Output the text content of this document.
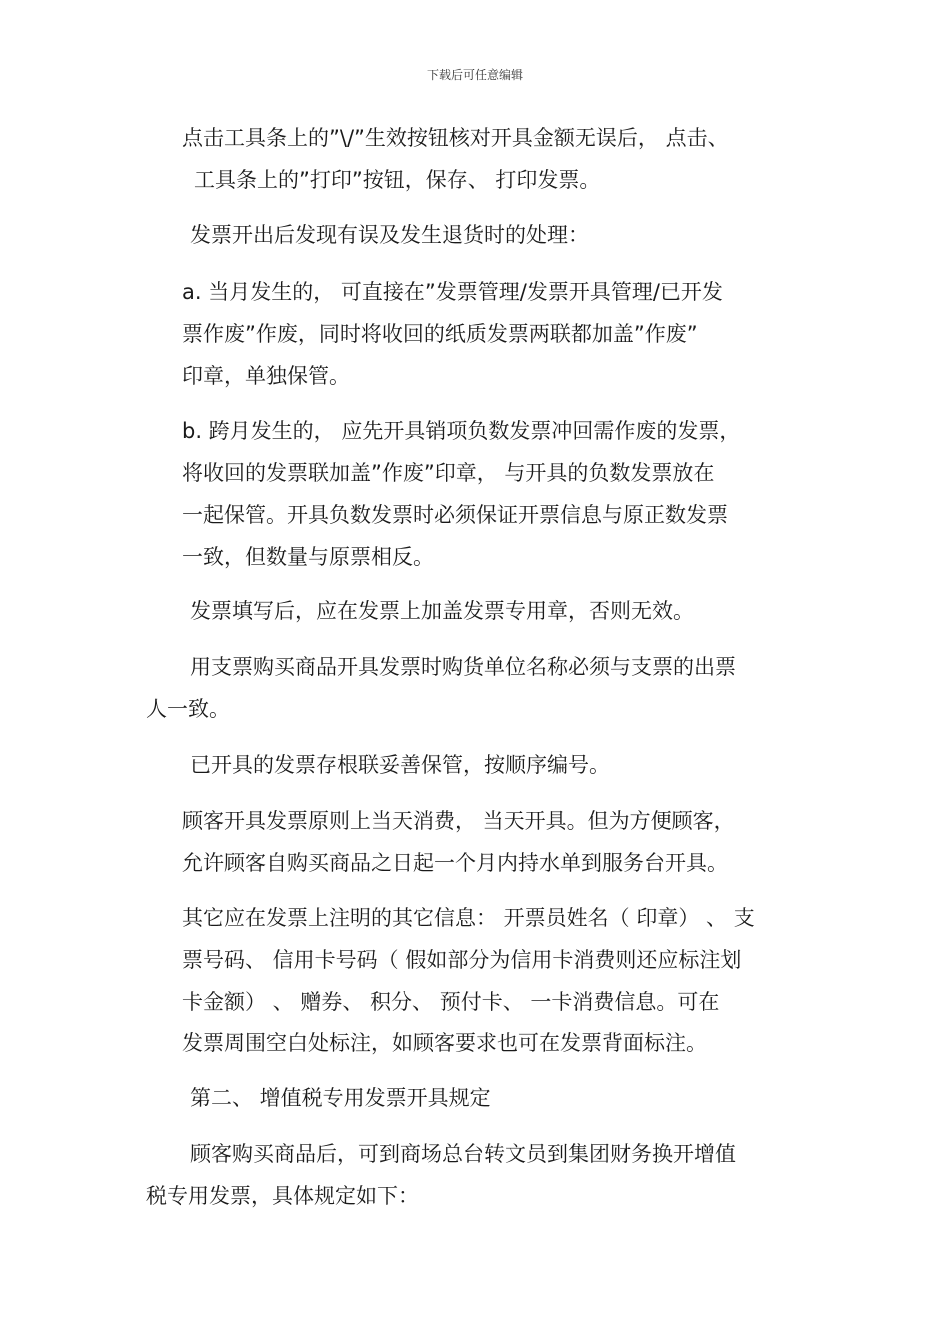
下载后可任意编辑
点击工具条上的”\/”生效按钮核对开具金额无误后， 点击、
工具条上的”打印”按钮，保存、 打印发票。
发票开出后发现有误及发生退货时的处理：
a. 当月发生的， 可直接在”发票管理/发票开具管理/已开发
票作废”作废，同时将收回的纸质发票两联都加盖”作废”
印章，单独保管。
b. 跨月发生的， 应先开具销项负数发票冲回需作废的发票，
将收回的发票联加盖”作废”印章， 与开具的负数发票放在
一起保管。开具负数发票时必须保证开票信息与原正数发票
一致，但数量与原票相反。
发票填写后，应在发票上加盖发票专用章，否则无效。
用支票购买商品开具发票时购货单位名称必须与支票的出票
人一致。
已开具的发票存根联妥善保管，按顺序编号。
顾客开具发票原则上当天消费， 当天开具。但为方便顾客，
允许顾客自购买商品之日起一个月内持水单到服务台开具。
其它应在发票上注明的其它信息： 开票员姓名（ 印章） 、 支
票号码、 信用卡号码（ 假如部分为信用卡消费则还应标注划
卡金额） 、 赠券、 积分、 预付卡、 一卡消费信息。可在
发票周围空白处标注，如顾客要求也可在发票背面标注。
第二、 增值税专用发票开具规定
顾客购买商品后，可到商场总台转文员到集团财务换开增值
税专用发票，具体规定如下：
